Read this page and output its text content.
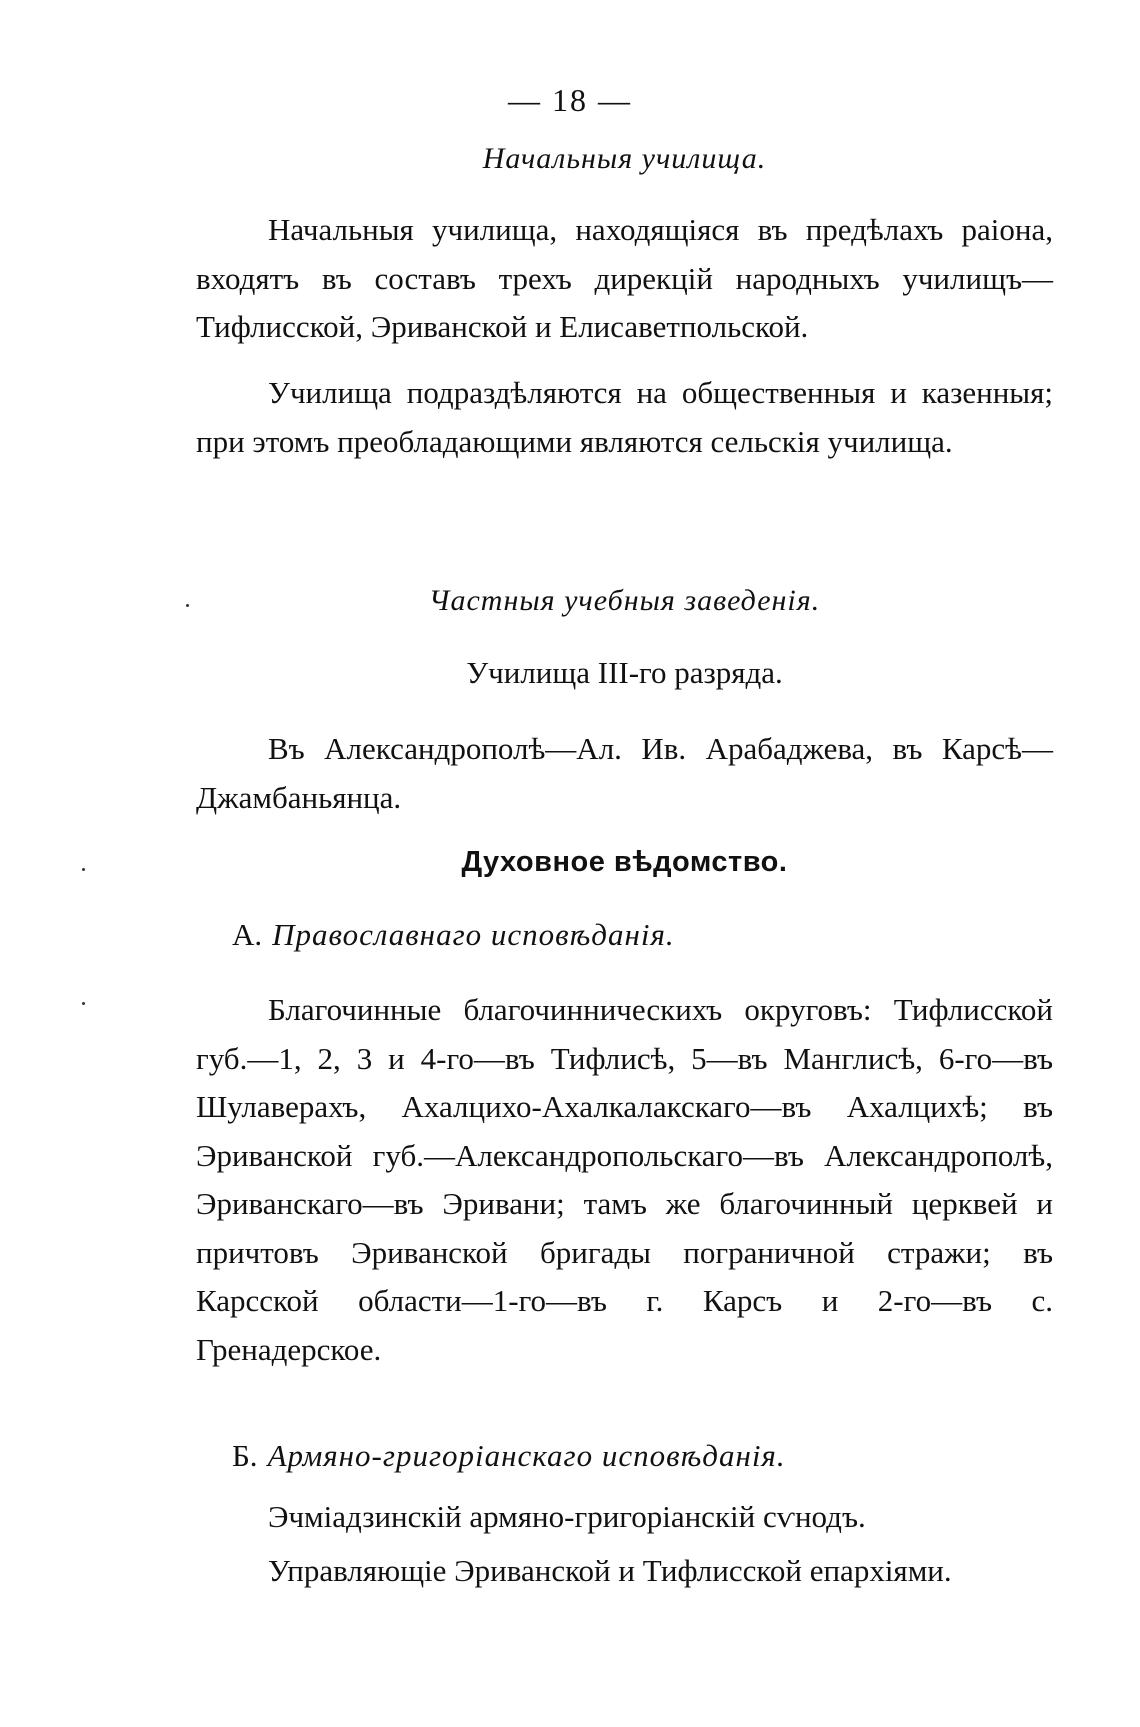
— 18 —
Начальныя училища.

Начальныя училища, находящіяся въ предѣлахъ раіона, входятъ въ составъ трехъ дирекцій народныхъ училищъ—Тифлисской, Эриванской и Елисаветпольской.

Училища подраздѣляются на общественныя и казенныя; при этомъ преобладающими являются сельскія училища.

Частныя учебныя заведенія.
Училища III-го разряда.

Въ Александрополѣ—Ал. Ив. Арабаджева, въ Карсѣ—Джамбаньянца.

Духовное вѣдомство.
А. Православнаго исповѣданія.

Благочинные благочинническихъ округовъ: Тифлисской губ.—1, 2, 3 и 4-го—въ Тифлисѣ, 5—въ Манглисѣ, 6-го—въ Шулаверахъ, Ахалцихо-Ахалкалакскаго—въ Ахалцихѣ; въ Эриванской губ.—Александропольскаго—въ Александрополѣ, Эриванскаго—въ Эривани; тамъ же благочинный церквей и причтовъ Эриванской бригады пограничной стражи; въ Карсской области—1-го—въ г. Карсъ и 2-го—въ с. Гренадерское.

Б. Армяно-григоріанскаго исповѣданія.
Эчміадзинскій армяно-григоріанскій сѵнодъ.
Управляющіе Эриванской и Тифлисской епархіями.
